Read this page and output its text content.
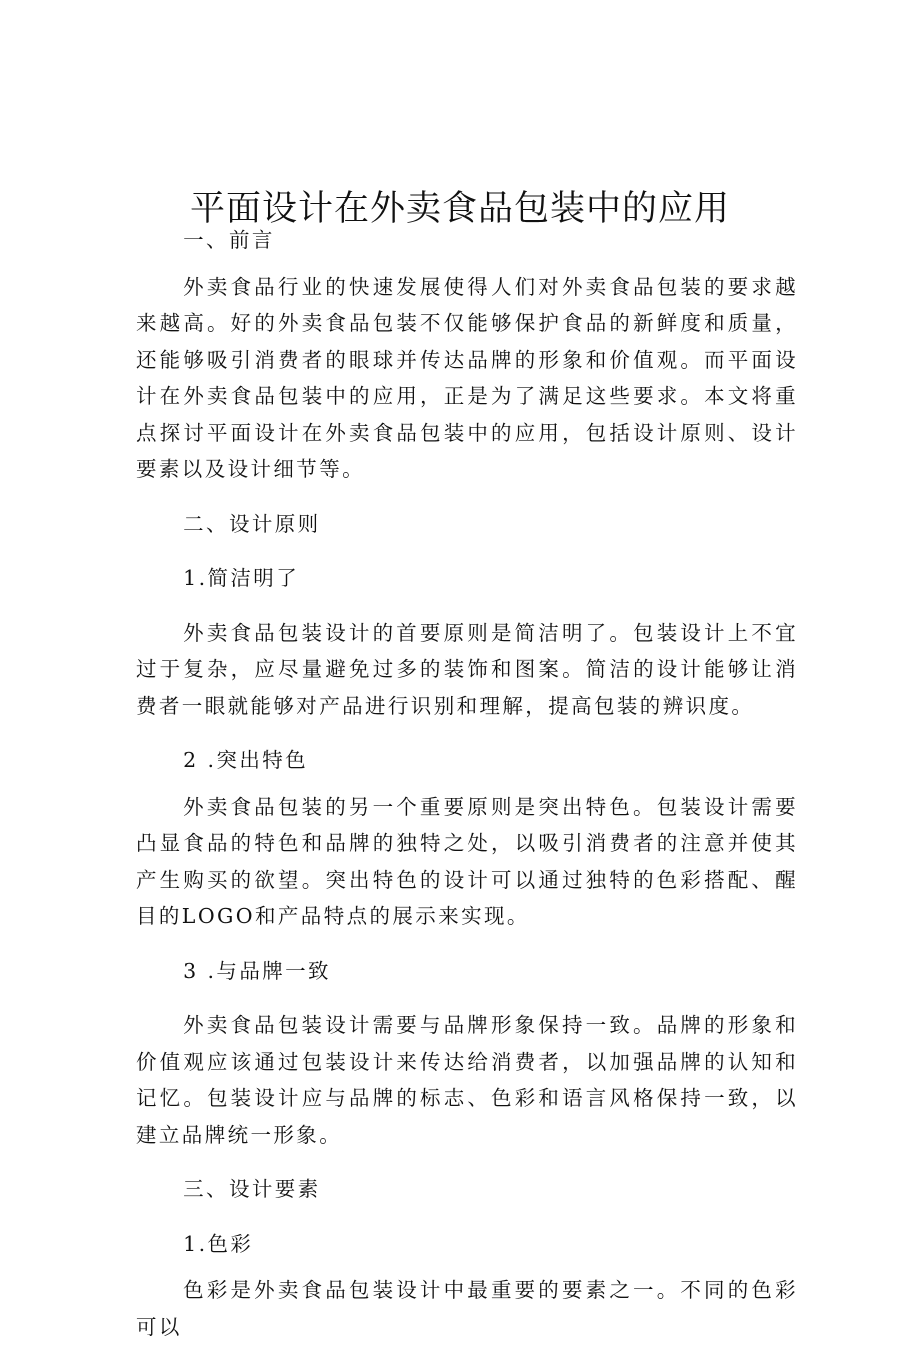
平面设计在外卖食品包装中的应用

一、前言

外卖食品行业的快速发展使得人们对外卖食品包装的要求越来越高。好的外卖食品包装不仅能够保护食品的新鲜度和质量，还能够吸引消费者的眼球并传达品牌的形象和价值观。而平面设计在外卖食品包装中的应用，正是为了满足这些要求。本文将重点探讨平面设计在外卖食品包装中的应用，包括设计原则、设计要素以及设计细节等。

二、设计原则

1.简洁明了

外卖食品包装设计的首要原则是简洁明了。包装设计上不宜过于复杂，应尽量避免过多的装饰和图案。简洁的设计能够让消费者一眼就能够对产品进行识别和理解，提高包装的辨识度。

2 .突出特色

外卖食品包装的另一个重要原则是突出特色。包装设计需要凸显食品的特色和品牌的独特之处，以吸引消费者的注意并使其产生购买的欲望。突出特色的设计可以通过独特的色彩搭配、醒目的LOGO和产品特点的展示来实现。

3 .与品牌一致

外卖食品包装设计需要与品牌形象保持一致。品牌的形象和价值观应该通过包装设计来传达给消费者，以加强品牌的认知和记忆。包装设计应与品牌的标志、色彩和语言风格保持一致，以建立品牌统一形象。

三、设计要素

1.色彩

色彩是外卖食品包装设计中最重要的要素之一。不同的色彩可以
